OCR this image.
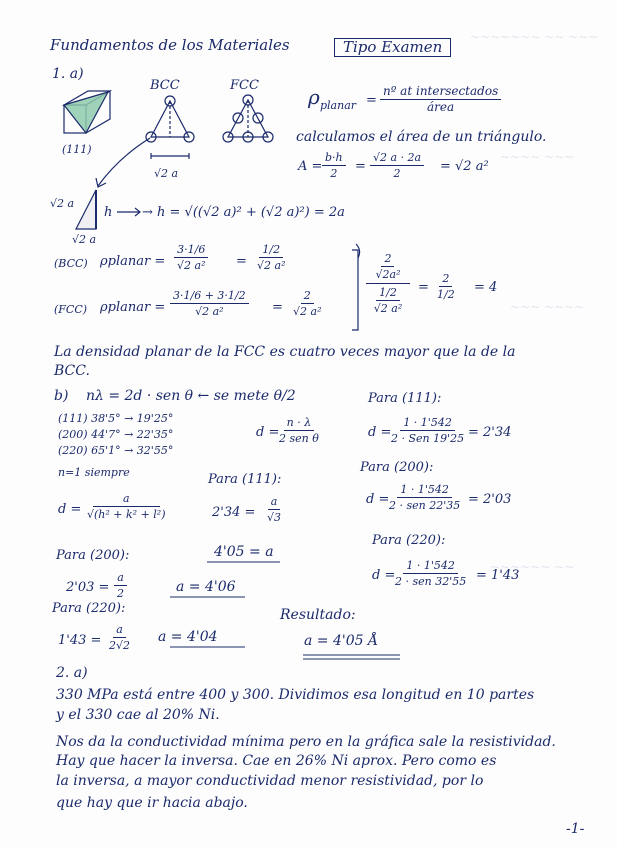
~~~~~~~ ~~ ~~~
~~~~ ~~~
~~~ ~~~~
~~~~~~ ~~
Fundamentos de los Materiales	Tipo Examen
1. a)
BCC	FCC
(111)
√2 a
ρ planar =
nº at intersectados
área
calculamos el área de un triángulo.
$A = \frac{b\cdot h}{2} = \frac{√2 a \cdot 2a}{2} = √2$ a²
√2 a
√2 a
h → h = √((√2 a)² + (√2 a)²) = 2a
(BCC) ρplanar = $\frac{3\cdot 1/6}{\text{√2 a²}} = \frac{1/2}{\text{√2 a²}}$
(FCC) ρplanar = $\frac{3\cdot 1/6 + 3\cdot 1/2}{\text{√2 a²}} = \frac{2}{\text{√2 a²}}$
$\frac{2}{\text{√2a²}}$
$\frac{1/2}{\text{√2 a²}} = \frac{2}{1/2} = 4$
La densidad planar de la FCC es cuatro veces mayor que la de la
BCC.
b) nλ = 2d · sen θ ← se mete θ/2
(111) 38'5° → 19'25°
(200) 44'7° → 22'35°
(220) 65'1° → 32'55°
n=1 siempre
d =
n · λ
2 sen θ
Para (111):
d =
1 · 1'542
2 · Sen 19'25 = 2'34
Para (200):
d =
1 · 1'542
2 · sen 22'35 = 2'03
Para (220):
d =
1 · 1'542
2 · sen 32'55 = 1'43
$d = \frac{a}{\text{√(h² + k² + l²)}}$
Para (111):
$2'34 = \frac{a}{√3}$
4'05 = a
Para (200):
$2'03 = \frac{a}{2}$	a = 4'06
Para (220):
$1'43 = \frac{a}{2√2}$ a = 4'04
Resultado:
a = 4'05 Å
2. a)
330 MPa está entre 400 y 300. Dividimos esa longitud en 10 partes
y el 330 cae al 20% Ni.
Nos da la conductividad mínima pero en la gráfica sale la resistividad.
Hay que hacer la inversa. Cae en 26% Ni aprox. Pero como es
la inversa, a mayor conductividad menor resistividad, por lo
que hay que ir hacia abajo.
-1-
